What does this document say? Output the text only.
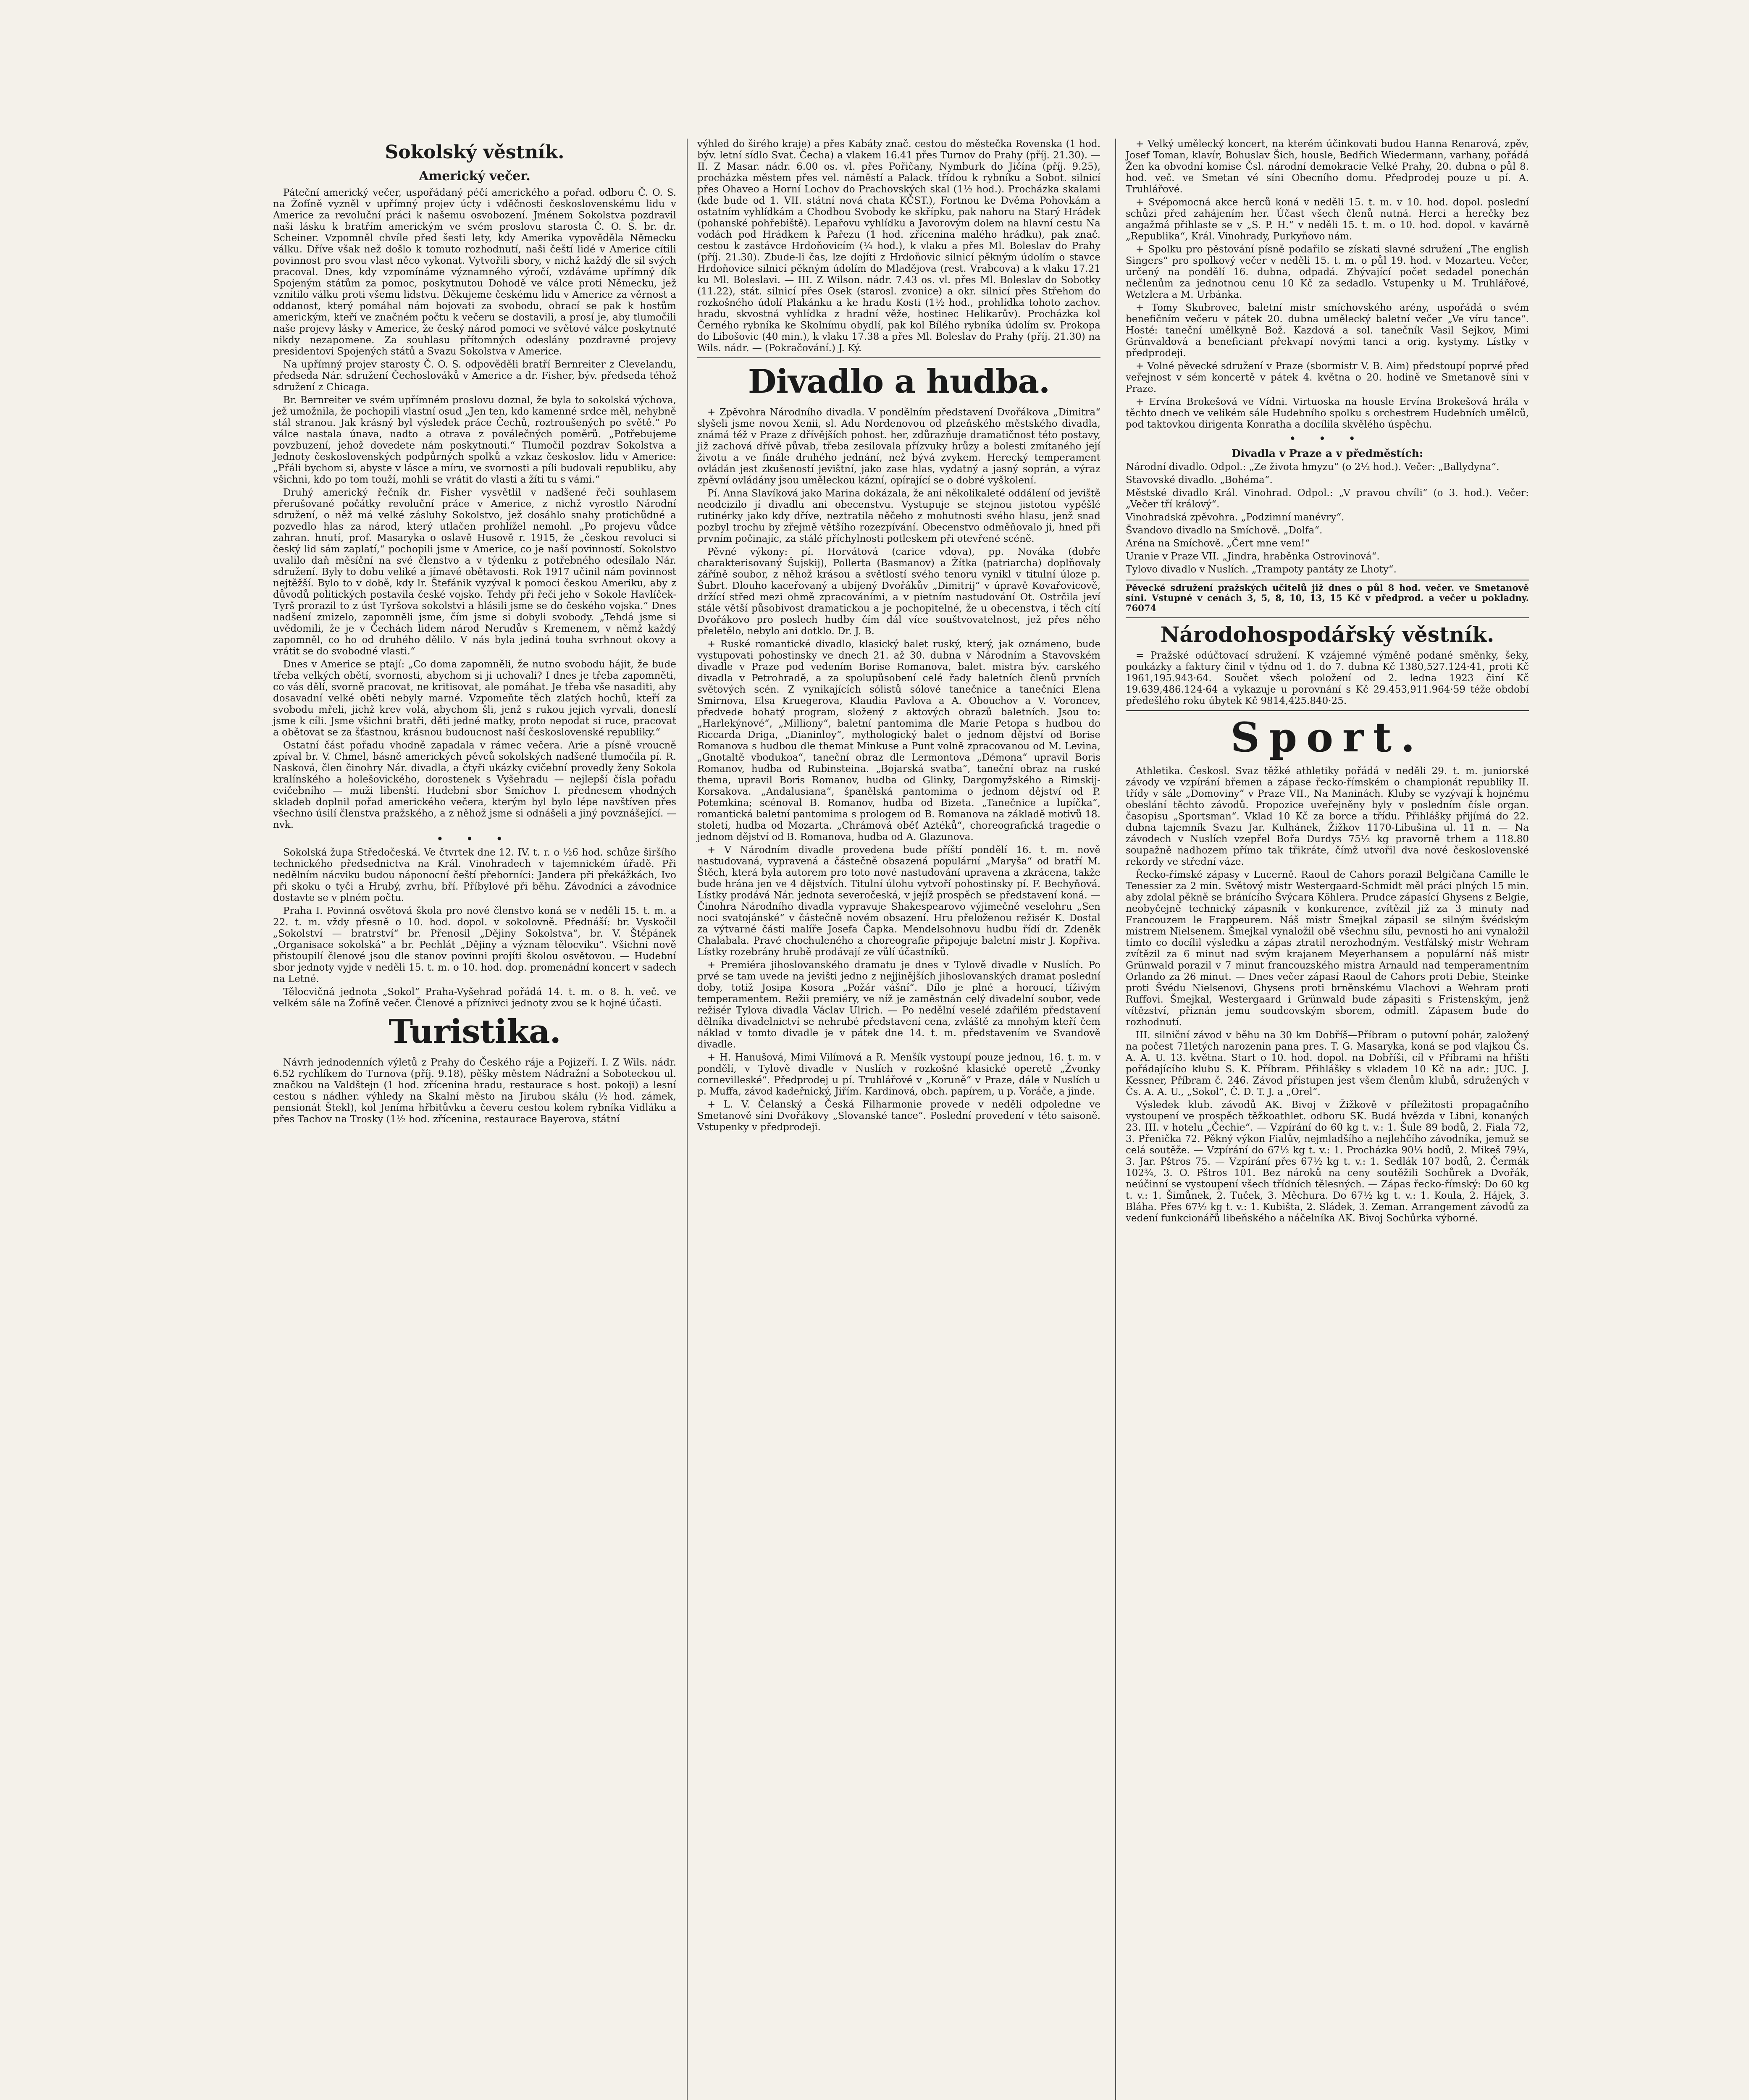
Sokolský věstník.
Americký večer.

Páteční americký večer, uspořádaný péčí amerického a pořad. odboru Č. O. S. na Žofíně vyzněl v upřímný projev úcty i vděčnosti československému lidu v Americe za revoluční práci k našemu osvobození. Jménem Sokolstva pozdravil naši lásku k bratřím americkým ve svém proslovu starosta Č. O. S. br. dr. Scheiner. Vzpomněl chvíle před šesti lety, kdy Amerika vypověděla Německu válku. Dříve však než došlo k tomuto rozhodnutí, naši čeští lidé v Americe cítili povinnost pro svou vlast něco vykonat. Vytvořili sbory, v nichž každý dle sil svých pracoval. Dnes, kdy vzpomínáme významného výročí, vzdáváme upřímný dík Spojeným státům za pomoc, poskytnutou Dohodě ve válce proti Německu, jež vznitilo válku proti všemu lidstvu. Děkujeme českému lidu v Americe za věrnost a oddanost, který pomáhal nám bojovati za svobodu, obrací se pak k hostům americkým, kteří ve značném počtu k večeru se dostavili, a prosí je, aby tlumočili naše projevy lásky v Americe, že český národ pomoci ve světové válce poskytnuté nikdy nezapomene. Za souhlasu přítomných odeslány pozdravné projevy presidentovi Spojených států a Svazu Sokolstva v Americe.

Na upřímný projev starosty Č. O. S. odpověděli bratří Bernreiter z Clevelandu, předseda Nár. sdružení Čechoslováků v Americe a dr. Fisher, býv. předseda téhož sdružení z Chicaga.

Br. Bernreiter ve svém upřímném proslovu doznal, že byla to sokolská výchova, jež umožnila, že pochopili vlastní osud „Jen ten, kdo kamenné srdce měl, nehybně stál stranou. Jak krásný byl výsledek práce Čechů, roztroušených po světě.“ Po válce nastala únava, nadto a otrava z poválečných poměrů. „Potřebujeme povzbuzení, jehož dovedete nám poskytnouti.“ Tlumočil pozdrav Sokolstva a Jednoty československých podpůrných spolků a vzkaz českoslov. lidu v Americe: „Přáli bychom si, abyste v lásce a míru, ve svornosti a píli budovali republiku, aby všichni, kdo po tom touží, mohli se vrátit do vlasti a žíti tu s vámi.“

Druhý americký řečník dr. Fisher vysvětlil v nadšené řeči souhlasem přerušované počátky revoluční práce v Americe, z nichž vyrostlo Národní sdružení, o něž má velké zásluhy Sokolstvo, jež dosáhlo snahy protichůdné a pozvedlo hlas za národ, který utlačen prohlížel nemohl. „Po projevu vůdce zahran. hnutí, prof. Masaryka o oslavě Husově r. 1915, že „českou revoluci si český lid sám zaplatí,“ pochopili jsme v Americe, co je naší povinností. Sokolstvo uvalilo daň měsíční na své členstvo a v týdenku z potřebného odesílalo Nár. sdružení. Byly to dobu veliké a jímavé obětavosti. Rok 1917 učinil nám povinnost nejtěžší. Bylo to v době, kdy lr. Štefánik vyzýval k pomoci českou Ameriku, aby z důvodů politických postavila české vojsko. Tehdy při řeči jeho v Sokole Havlíček-Tyrš prorazil to z úst Tyršova sokolstvi a hlásili jsme se do českého vojska.“ Dnes nadšení zmizelo, zapomněli jsme, čím jsme si dobyli svobody. „Tehdá jsme si uvědomili, že je v Čechách lidem národ Nerudův s Kremenem, v němž každý zapomněl, co ho od druhého dělilo. V nás byla jediná touha svrhnout okovy a vrátit se do svobodné vlasti.“

Dnes v Americe se ptají: „Co doma zapomněli, že nutno svobodu hájit, že bude třeba velkých obětí, svornosti, abychom si ji uchovali? I dnes je třeba zapomněti, co vás dělí, svorně pracovat, ne kritisovat, ale pomáhat. Je třeba vše nasaditi, aby dosavadní velké oběti nebyly marné. Vzpomeňte těch zlatých hochů, kteří za svobodu mřeli, jichž krev volá, abychom šli, jenž s rukou jejich vyrvali, doneslí jsme k cíli. Jsme všichni bratři, děti jedné matky, proto nepodat si ruce, pracovat a obětovat se za šťastnou, krásnou budoucnost naší československé republiky.“

Ostatní část pořadu vhodně zapadala v rámec večera. Arie a písně vroucně zpíval br. V. Chmel, básně amerických pěvců sokolských nadšeně tlumočila pí. R. Nasková, člen činohry Nár. divadla, a čtyři ukázky cvičební provedly ženy Sokola kralínského a holešovického, dorostenek s Vyšehradu — nejlepší čísla pořadu cvičebního — muži libenští. Hudební sbor Smíchov I. přednesem vhodných skladeb doplnil pořad amerického večera, kterým byl bylo lépe navštíven přes všechno úsilí členstva pražského, a z něhož jsme si odnášeli a jiný povznášející. — nvk.

• • •

Sokolská župa Středočeská. Ve čtvrtek dne 12. IV. t. r. o ½6 hod. schůze širšího technického předsednictva na Král. Vinohradech v tajemnickém úřadě. Při nedělním nácviku budou náponocní čeští přeborníci: Jandera při překážkách, Ivo při skoku o tyči a Hrubý, zvrhu, bří. Příbylové při běhu. Závodníci a závodnice dostavte se v plném počtu.

Praha I. Povinná osvětová škola pro nové členstvo koná se v neděli 15. t. m. a 22. t. m. vždy přesně o 10. hod. dopol. v sokolovně. Přednáší: br. Vyskočil „Sokolství — bratrství“ br. Přenosil „Dějiny Sokolstva“, br. V. Štěpánek „Organisace sokolská“ a br. Pechlát „Dějiny a význam tělocviku“. Všichni nově přistoupilí členové jsou dle stanov povinni projíti školou osvětovou. — Hudební sbor jednoty vyjde v neděli 15. t. m. o 10. hod. dop. promenádní koncert v sadech na Letné.

Tělocvičná jednota „Sokol“ Praha-Vyšehrad pořádá 14. t. m. o 8. h. več. ve velkém sále na Žofíně večer. Členové a příznivci jednoty zvou se k hojné účasti.

Turistika.

Návrh jednodenních výletů z Prahy do Českého ráje a Pojizeří. I. Z Wils. nádr. 6.52 rychlíkem do Turnova (příj. 9.18), pěšky městem Nádražní a Soboteckou ul. značkou na Valdštejn (1 hod. zřícenina hradu, restaurace s host. pokoji) a lesní cestou s nádher. výhledy na Skalní město na Jirubou skálu (½ hod. zámek, pensionát Štekl), kol Jeníma hřbitůvku a čeveru cestou kolem rybníka Vidláku a přes Tachov na Trosky (1½ hod. zřícenina, restaurace Bayerova, státní

výhled do širého kraje) a přes Kabáty znač. cestou do městečka Rovenska (1 hod. býv. letní sídlo Svat. Čecha) a vlakem 16.41 přes Turnov do Prahy (příj. 21.30). — II. Z Masar. nádr. 6.00 os. vl. přes Pořičany, Nymburk do Jičína (příj. 9.25), procházka městem přes vel. náměstí a Palack. třídou k rybníku a Sobot. silnicí přes Ohaveo a Horní Lochov do Prachovských skal (1½ hod.). Procházka skalami (kde bude od 1. VII. státní nová chata KČST.), Fortnou ke Dvěma Pohovkám a ostatním vyhlídkám a Chodbou Svobody ke skřípku, pak nahoru na Starý Hrádek (pohanské pohřebiště). Lepařovu vyhlídku a Javorovým dolem na hlavní cestu Na vodách pod Hrádkem k Pařezu (1 hod. zřícenina malého hrádku), pak znač. cestou k zastávce Hrdoňovicím (¼ hod.), k vlaku a přes Ml. Boleslav do Prahy (příj. 21.30). Zbude-li čas, lze dojíti z Hrdoňovic silnicí pěkným údolím o stavce Hrdoňovice silnicí pěkným údolím do Mladějova (rest. Vrabcova) a k vlaku 17.21 ku Ml. Boleslavi. — III. Z Wilson. nádr. 7.43 os. vl. přes Ml. Boleslav do Sobotky (11.22), stát. silnicí přes Osek (starosl. zvonice) a okr. silnicí přes Střehom do rozkošného údolí Plakánku a ke hradu Kosti (1½ hod., prohlídka tohoto zachov. hradu, skvostná vyhlídka z hradní věže, hostinec Helikarův). Procházka kol Černého rybníka ke Skolnímu obydlí, pak kol Bílého rybníka údolím sv. Prokopa do Libošovic (40 min.), k vlaku 17.38 a přes Ml. Boleslav do Prahy (příj. 21.30) na Wils. nádr. — (Pokračování.) J. Ký.

Divadlo a hudba.

+ Zpěvohra Národního divadla. V pondělním představení Dvořákova „Dimitra“ slyšeli jsme novou Xenii, sl. Adu Nordenovou od plzeňského městského divadla, známá též v Praze z dřívějších pohost. her, zdůrazňuje dramatičnost této postavy, již zachová dřívě půvab, třeba zesilovala přízvuky hrůzy a bolesti zmítaného její životu a ve finále druhého jednání, než bývá zvykem. Herecký temperament ovládán jest zkušeností jevištní, jako zase hlas, vydatný a jasný soprán, a výraz zpěvní ovládány jsou uměleckou kázní, opírající se o dobré vyškolení.

Pí. Anna Slavíková jako Marina dokázala, že ani několikaleté oddálení od jeviště neodcizilo jí divadlu ani obecenstvu. Vystupuje se stejnou jistotou vypěšlé rutinérky jako kdy dříve, neztratila něčeho z mohutnosti svého hlasu, jenž snad pozbyl trochu by zřejmě většího rozezpívání. Obecenstvo odměňovalo ji, hned při prvním počinajíc, za stálé příchylnosti potleskem při otevřené scéně.

Pěvné výkony: pí. Horvátová (carice vdova), pp. Nováka (dobře charakterisovaný Šujskij), Pollerta (Basmanov) a Žítka (patriarcha) doplňovaly záříně soubor, z něhož krásou a světlostí svého tenoru vynikl v titulní úloze p. Šubrt. Dlouho kaceřovaný a ubíjený Dvořákův „Dimitrij“ v úpravě Kovařovicově, držící střed mezi ohmě zpracováními, a v pietním nastudování Ot. Ostrčila jeví stále větší působivost dramatickou a je pochopitelné, že u obecenstva, i těch cítí Dvořákovo pro poslech hudby čím dál více souštvovatelnost, jež přes něho přeletělo, nebylo ani dotklo. Dr. J. B.

+ Ruské romantické divadlo, klasický balet ruský, který, jak oznámeno, bude vystupovati pohostinsky ve dnech 21. až 30. dubna v Národním a Stavovském divadle v Praze pod vedením Borise Romanova, balet. mistra býv. carského divadla v Petrohradě, a za spolupůsobení celé řady baletních členů prvních světových scén. Z vynikajících sólistů sólové tanečnice a tanečníci Elena Smirnova, Elsa Kruegerova, Klaudia Pavlova a A. Obouchov a V. Voroncev, předvede bohatý program, složený z aktových obrazů baletních. Jsou to: „Harlekýnové“, „Milliony“, baletní pantomima dle Marie Petopa s hudbou do Riccarda Driga, „Dianinloy“, mythologický balet o jednom dějství od Borise Romanova s hudbou dle themat Minkuse a Punt volně zpracovanou od M. Levina, „Gnotaltě vbodukoa“, taneční obraz dle Lermontova „Démona“ upravil Boris Romanov, hudba od Rubinsteina. „Bojarská svatba“, taneční obraz na ruské thema, upravil Boris Romanov, hudba od Glinky, Dargomyžského a Rimskij-Korsakova. „Andalusiana“, španělská pantomima o jednom dějství od P. Potemkina; scénoval B. Romanov, hudba od Bizeta. „Tanečnice a lupíčka“, romantická baletní pantomima s prologem od B. Romanova na základě motivů 18. století, hudba od Mozarta. „Chrámová oběť Aztéků“, choreografická tragedie o jednom dějství od B. Romanova, hudba od A. Glazunova.

+ V Národním divadle provedena bude příští pondělí 16. t. m. nově nastudovaná, vypravená a částečně obsazená populární „Maryša“ od bratří M. Štěch, která byla autorem pro toto nové nastudování upravena a zkrácena, takže bude hrána jen ve 4 dějstvích. Titulní úlohu vytvoří pohostinsky pí. F. Bechyňová. Lístky prodává Nár. jednota severočeská, v jejíž prospěch se představení koná. — Činohra Národního divadla vypravuje Shakespearovo výjimečně veselohru „Sen noci svatojánské“ v částečně novém obsazení. Hru přeloženou režisér K. Dostal za výtvarné části malíře Josefa Čapka. Mendelsohnovu hudbu řídí dr. Zdeněk Chalabala. Pravé chochuleného a choreografie připojuje baletní mistr J. Kopřiva. Lístky rozebrány hrubě prodávají ze vůlí účastníků.

+ Premiéra jihoslovanského dramatu je dnes v Tylově divadle v Nuslích. Po prvé se tam uvede na jevišti jedno z nejjinějších jihoslovanských dramat poslední doby, totiž Josipa Kosora „Požár vášní“. Dílo je plné a horoucí, tíživým temperamentem. Režii premiéry, ve níž je zaměstnán celý divadelní soubor, vede režisér Tylova divadla Václav Ulrich. — Po nedělní veselé zdařilém představení dělníka divadelnictví se nehrubé představení cena, zvláště za mnohým kteří čem náklad v tomto divadle je v pátek dne 14. t. m. představením ve Svandově divadle.

+ H. Hanušová, Mimi Vilímová a R. Menšík vystoupí pouze jednou, 16. t. m. v pondělí, v Tylově divadle v Nuslích v rozkošné klasické operetě „Žvonky cornevilleské“. Předprodej u pí. Truhlářové v „Koruně“ v Praze, dále v Nuslích u p. Muffa, závod kadeřnický, Jiřím. Kardinová, obch. papírem, u p. Voráče, a jinde.

+ L. V. Čelanský a Česká Filharmonie provede v neděli odpoledne ve Smetanově síni Dvořákovy „Slovanské tance“. Poslední provedení v této saisoně. Vstupenky v předprodeji.

+ Velký umělecký koncert, na kterém účinkovati budou Hanna Renarová, zpěv, Josef Toman, klavír, Bohuslav Šich, housle, Bedřich Wiedermann, varhany, pořádá Žen ka obvodní komise Čsl. národní demokracie Velké Prahy, 20. dubna o půl 8. hod. več. ve Smetan vé síni Obecního domu. Předprodej pouze u pí. A. Truhlářové.

+ Svépomocná akce herců koná v neděli 15. t. m. v 10. hod. dopol. poslední schůzi před zahájením her. Účast všech členů nutná. Herci a herečky bez angažmá přihlaste se v „S. P. H.“ v neděli 15. t. m. o 10. hod. dopol. v kavárně „Republika“, Král. Vinohrady, Purkyňovo nám.

+ Spolku pro pěstování písně podařilo se získati slavné sdružení „The english Singers“ pro spolkový večer v neděli 15. t. m. o půl 19. hod. v Mozarteu. Večer, určený na pondělí 16. dubna, odpadá. Zbývající počet sedadel ponechán nečlenům za jednotnou cenu 10 Kč za sedadlo. Vstupenky u M. Truhlářové, Wetzlera a M. Urbánka.

+ Tomy Skubrovec, baletní mistr smíchovského arény, uspořádá o svém benefičním večeru v pátek 20. dubna umělecký baletní večer „Ve víru tance“. Hosté: taneční umělkyně Bož. Kazdová a sol. tanečník Vasil Sejkov, Mimi Grünvaldová a beneficiant překvapí novými tanci a orig. kystymy. Lístky v předprodeji.

+ Volné pěvecké sdružení v Praze (sbormistr V. B. Aim) předstoupí poprvé před veřejnost v sém koncertě v pátek 4. května o 20. hodině ve Smetanově síni v Praze.

+ Ervína Brokešová ve Vídni. Virtuoska na housle Ervína Brokešová hrála v těchto dnech ve velikém sále Hudebního spolku s orchestrem Hudebních umělců, pod taktovkou dirigenta Konratha a docílila skvělého úspěchu.

• • •
Divadla v Praze a v předměstích:

Národní divadlo. Odpol.: „Ze života hmyzu“ (o 2½ hod.). Večer: „Ballydyna“.

Stavovské divadlo. „Bohéma“.

Městské divadlo Král. Vinohrad. Odpol.: „V pravou chvíli“ (o 3. hod.). Večer: „Večer tří králový“.

Vinohradská zpěvohra. „Podzimní manévry“.

Švandovo divadlo na Smíchově. „Dolfa“.

Aréna na Smíchově. „Čert mne vem!“

Uranie v Praze VII. „Jindra, hraběnka Ostrovinová“.

Tylovo divadlo v Nuslích. „Trampoty pantáty ze Lhoty“.

Pěvecké sdružení pražských učitelů již dnes o půl 8 hod. večer. ve Smetanově síni. Vstupné v cenách 3, 5, 8, 10, 13, 15 Kč v předprod. a večer u pokladny. 76074

Národohospodářský věstník.

= Pražské odúčtovací sdružení. K vzájemné výměně podané směnky, šeky, poukázky a faktury činil v týdnu od 1. do 7. dubna Kč 1380,527.124·41, proti Kč 1961,195.943·64. Součet všech položení od 2. ledna 1923 činí Kč 19.639,486.124·64 a vykazuje u porovnání s Kč 29.453,911.964·59 téže období předešlého roku úbytek Kč 9814,425.840·25.

Sport.

Athletika. Českosl. Svaz těžké athletiky pořádá v neděli 29. t. m. juniorské závody ve vzpírání břemen a zápase řecko-římském o championát republiky II. třídy v sále „Domoviny“ v Praze VII., Na Maninách. Kluby se vyzývají k hojnému obeslání těchto závodů. Propozice uveřejněny byly v posledním čísle organ. časopisu „Sportsman“. Vklad 10 Kč za borce a třídu. Přihlášky přijímá do 22. dubna tajemník Svazu Jar. Kulhánek, Žižkov 1170-Libušina ul. 11 n. — Na závodech v Nuslích vzepřel Bořa Durdys 75½ kg pravorně trhem a 118.80 soupažně nadhozem přímo tak třikráte, čímž utvořil dva nové československé rekordy ve střední váze.

Řecko-římské zápasy v Lucerně. Raoul de Cahors porazil Belgičana Camille le Tenessier za 2 min. Světový mistr Westergaard-Schmidt měl práci plných 15 min. aby zdolal pěkně se bránícího Švýcara Köhlera. Prudce zápasící Ghysens z Belgie, neobyčejně technický zápasník v konkurence, zvítězil již za 3 minuty nad Francouzem le Frappeurem. Náš mistr Šmejkal zápasil se silným švédským mistrem Nielsenem. Šmejkal vynaložil obě všechnu sílu, pevnosti ho ani vynaložil tímto co docílil výsledku a zápas ztratil nerozhodným. Vestfálský mistr Wehram zvítězil za 6 minut nad svým krajanem Meyerhansem a populární náš mistr Grünwald porazil v 7 minut francouzského mistra Arnauld nad temperamentním Orlando za 26 minut. — Dnes večer zápasí Raoul de Cahors proti Debie, Steinke proti Švédu Nielsenovi, Ghysens proti brněnskému Vlachovi a Wehram proti Ruffovi. Šmejkal, Westergaard i Grünwald bude zápasiti s Fristenským, jenž vítězství, přiznán jemu soudcovským sborem, odmítl. Zápasem bude do rozhodnutí.

III. silniční závod v běhu na 30 km Dobříš—Příbram o putovní pohár, založený na počest 71letých narozenin pana pres. T. G. Masaryka, koná se pod vlajkou Čs. A. A. U. 13. května. Start o 10. hod. dopol. na Dobříši, cíl v Příbrami na hřišti pořádajícího klubu S. K. Příbram. Přihlášky s vkladem 10 Kč na adr.: JUC. J. Kessner, Příbram č. 246. Závod přístupen jest všem členům klubů, sdružených v Čs. A. A. U., „Sokol“, Č. D. T. J. a „Orel“.

Výsledek klub. závodů AK. Bivoj v Žižkově v příležitosti propagačního vystoupení ve prospěch těžkoathlet. odboru SK. Budá hvězda v Libni, konaných 23. III. v hotelu „Čechie“. — Vzpírání do 60 kg t. v.: 1. Šule 89 bodů, 2. Fiala 72, 3. Přenička 72. Pěkný výkon Fialův, nejmladšího a nejlehčího závodníka, jemuž se celá soutěže. — Vzpírání do 67½ kg t. v.: 1. Procházka 90¼ bodů, 2. Mikeš 79¼, 3. Jar. Pštros 75. — Vzpírání přes 67½ kg t. v.: 1. Sedlák 107 bodů, 2. Čermák 102¾, 3. O. Pštros 101. Bez nároků na ceny soutěžili Sochůrek a Dvořák, neúčinní se vystoupení všech třídních tělesných. — Zápas řecko-římský: Do 60 kg t. v.: 1. Šimůnek, 2. Tuček, 3. Měchura. Do 67½ kg t. v.: 1. Koula, 2. Hájek, 3. Bláha. Přes 67½ kg t. v.: 1. Kubišta, 2. Sládek, 3. Zeman. Arrangement závodů za vedení funkcionářů libeňského a náčelníka AK. Bivoj Sochůrka výborné.
